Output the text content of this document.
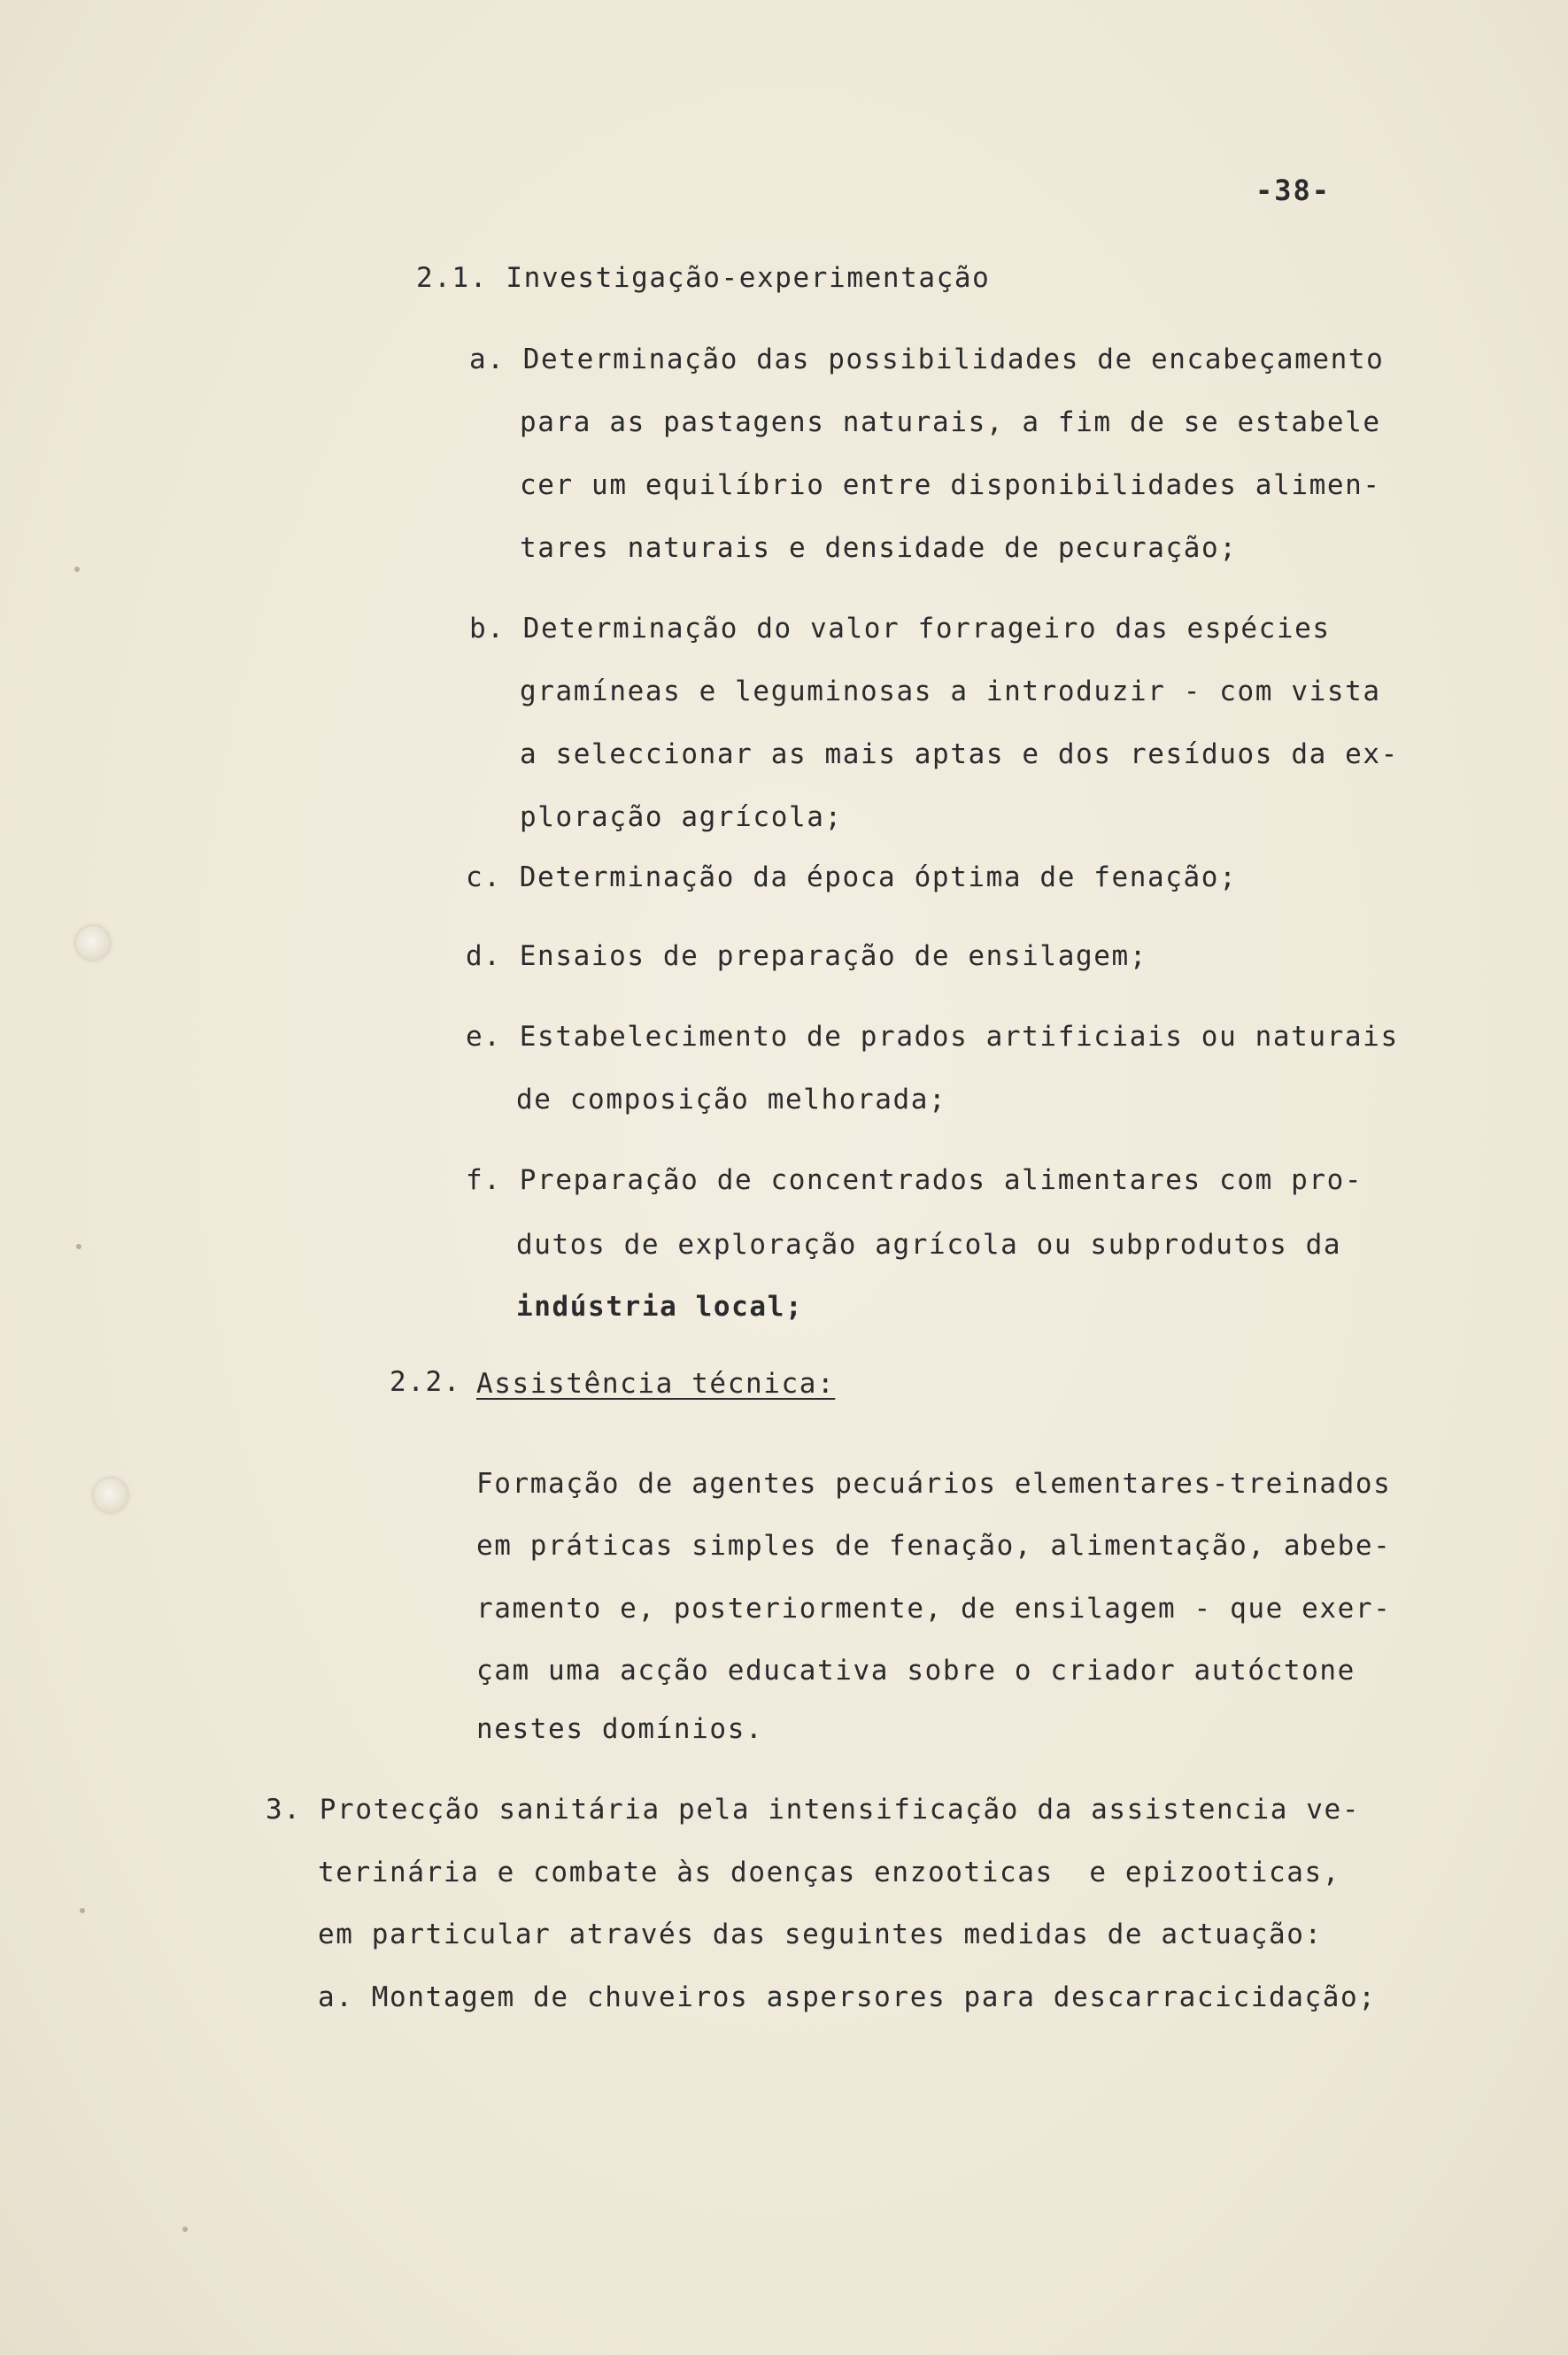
-38-
2.1. Investigação-experimentação
a. Determinação das possibilidades de encabeçamento
para as pastagens naturais, a fim de se estabele
cer um equilíbrio entre disponibilidades alimen-
tares naturais e densidade de pecuração;
b. Determinação do valor forrageiro das espécies
gramíneas e leguminosas a introduzir - com vista
a seleccionar as mais aptas e dos resíduos da ex-
ploração agrícola;
c. Determinação da época óptima de fenação;
d. Ensaios de preparação de ensilagem;
e. Estabelecimento de prados artificiais ou naturais
de composição melhorada;
f. Preparação de concentrados alimentares com pro-
dutos de exploração agrícola ou subprodutos da
indústria local;
2.2. Assistência técnica:
Formação de agentes pecuários elementares-treinados
em práticas simples de fenação, alimentação, abebe-
ramento e, posteriormente, de ensilagem - que exer-
çam uma acção educativa sobre o criador autóctone
nestes domínios.
3. Protecção sanitária pela intensificação da assistencia ve-
terinária e combate às doenças enzooticas  e epizooticas,
em particular através das seguintes medidas de actuação:
a. Montagem de chuveiros aspersores para descarracicidação;
